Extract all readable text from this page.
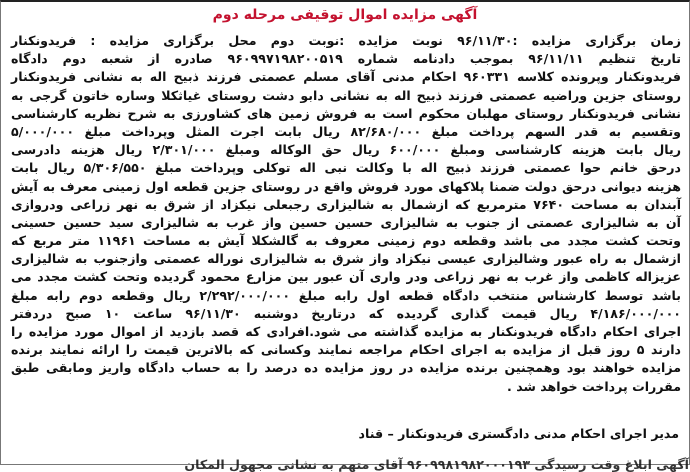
آگهی مزایده اموال توقیفی مرحله دوم
زمان برگزاری مزایده :۹۶/۱۱/۳۰ نوبت مزایده :نوبت دوم محل برگزاری مزایده : فریدونکنار
تاریخ تنظیم ۹۶/۱۱/۱۱ بموجب دادنامه شماره ۹۶۰۹۹۷۱۹۸۲۰۰۵۱۹ صادره از شعبه دوم دادگاه
فریدونکنار وپرونده کلاسه ۹۶۰۳۳۱ احکام مدنی آقای مسلم عصمتی فرزند ذبیح اله به نشانی فریدونکنار
روستای جزین وراضیه عصمتی فرزند ذبیح اله به نشانی دابو دشت روستای غیاثکلا وساره خاتون گرجی به
نشانی فریدونکنار روستای مهلبان محکوم است به فروش زمین های کشاورزی به شرح نظریه کارشناسی
وتقسیم به قدر السهم پرداخت مبلغ ۸۲/۶۸۰/۰۰۰ ریال بابت اجرت المثل وپرداخت مبلغ ۵/۰۰۰/۰۰۰
ریال بابت هزینه کارشناسی ومبلغ ۶۰۰/۰۰۰ ریال حق الوکاله ومبلغ ۲/۳۰۱/۰۰۰ ریال هزینه دادرسی
درحق خانم حوا عصمتی فرزند ذبیح اله با وکالت نبی اله توکلی وپرداخت مبلغ ۵/۳۰۶/۵۵۰ ریال بابت
هزینه دیوانی درحق دولت ضمنا پلاکهای مورد فروش واقع در روستای جزین قطعه اول زمینی معرف به آیش
آبندان به مساحت ۷۶۴۰ مترمربع که ازشمال به شالیزاری رجبعلی نیکزاد از شرق به نهر زراعی ودروازی
آن به شالیزاری عصمتی از جنوب به شالیزاری حسین حسین واز غرب به شالیزاری سید حسین حسینی
وتحت کشت مجدد می باشد وقطعه دوم زمینی معروف به گالشکلا آیش به مساحت ۱۱۹۶۱ متر مربع که
ازشمال به راه عبور وشالیزاری عیسی نیکزاد واز شرق به شالیزاری نوراله عصمتی وازجنوب به شالیزاری
عزیزاله کاظمی واز غرب به نهر زراعی ودر واری آن عبور بین مزارع محمود گردیده وتحت کشت مجدد می
باشد توسط کارشناس منتخب دادگاه قطعه اول رابه مبلغ ۲/۲۹۲/۰۰۰/۰۰۰ ریال وقطعه دوم رابه مبلغ
۴/۱۸۶/۰۰۰/۰۰۰ ریال قیمت گذاری گردیده که درتاریخ دوشنبه ۹۶/۱۱/۳۰ ساعت ۱۰ صبح دردفتر
اجرای احکام دادگاه فریدونکنار به مزایده گذاشته می شود.افرادی که قصد بازدید از اموال مورد مزایده را
دارند ۵ روز قبل از مزایده به اجرای احکام مراجعه نمایند وکسانی که بالاترین قیمت را ارائه نمایند برنده
مزایده خواهند بود وهمچنین برنده مزایده در روز مزایده ده درصد را به حساب دادگاه واریز ومابقی طبق
مقررات پرداخت خواهد شد .
مدیر اجرای احکام مدنی دادگستری فریدونکنار – قناد
آگهی ابلاغ وقت رسیدگی ۹۶۰۹۹۸۱۹۸۲۰۰۰۱۹۳ آقای متهم به نشانی مجهول المکان
